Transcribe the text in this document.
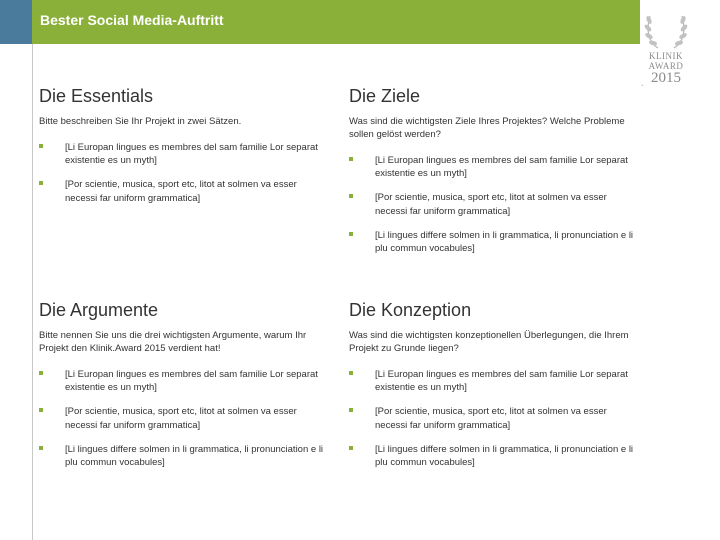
Bester Social Media-Auftritt
KLINIK
AWARD
2015
`
Die Essentials
Bitte beschreiben Sie Ihr Projekt in zwei Sätzen.
[Li Europan lingues es membres del sam familie Lor separat existentie es un myth]
[Por scientie, musica, sport etc, litot at solmen va esser necessi far uniform grammatica]
Die Ziele
Was sind die wichtigsten Ziele Ihres Projektes? Welche Probleme sollen gelöst werden?
[Li Europan lingues es membres del sam familie Lor separat existentie es un myth]
[Por scientie, musica, sport etc, litot at solmen va esser necessi far uniform grammatica]
[Li lingues differe solmen in li grammatica, li pronunciation e li plu commun vocabules]
Die Argumente
Bitte nennen Sie uns die drei wichtigsten Argumente, warum Ihr Projekt den Klinik.Award 2015 verdient hat!
[Li Europan lingues es membres del sam familie Lor separat existentie es un myth]
[Por scientie, musica, sport etc, litot at solmen va esser necessi far uniform grammatica]
[Li lingues differe solmen in li grammatica, li pronunciation e li plu commun vocabules]
Die Konzeption
Was sind die wichtigsten konzeptionellen Überlegungen, die Ihrem Projekt zu Grunde liegen?
[Li Europan lingues es membres del sam familie Lor separat existentie es un myth]
[Por scientie, musica, sport etc, litot at solmen va esser necessi far uniform grammatica]
[Li lingues differe solmen in li grammatica, li pronunciation e li plu commun vocabules]
